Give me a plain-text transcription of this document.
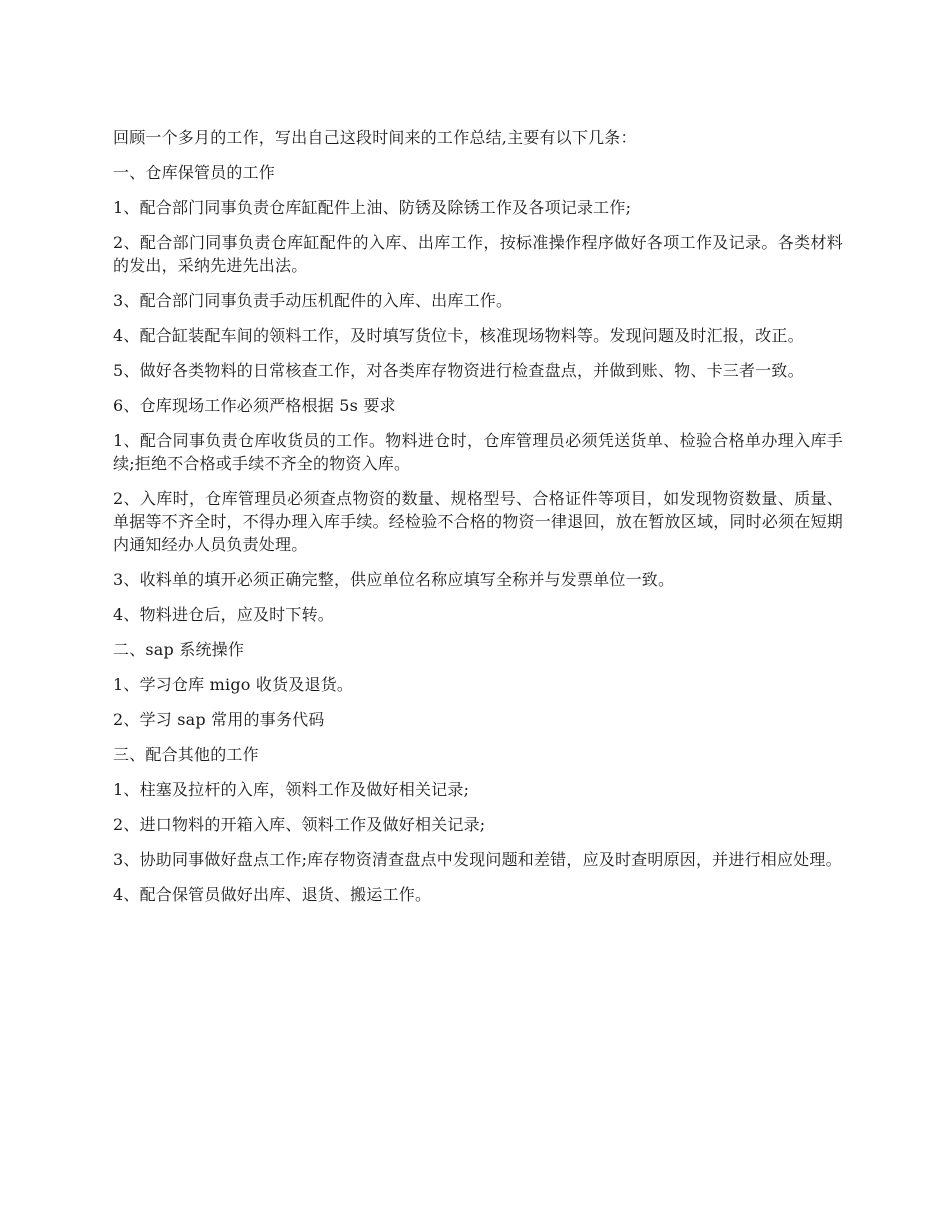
回顾一个多月的工作，写出自己这段时间来的工作总结,主要有以下几条：

一、仓库保管员的工作

1、配合部门同事负责仓库缸配件上油、防锈及除锈工作及各项记录工作;

2、配合部门同事负责仓库缸配件的入库、出库工作，按标准操作程序做好各项工作及记录。各类材料的发出，采纳先进先出法。

3、配合部门同事负责手动压机配件的入库、出库工作。

4、配合缸装配车间的领料工作，及时填写货位卡，核准现场物料等。发现问题及时汇报，改正。

5、做好各类物料的日常核查工作，对各类库存物资进行检查盘点，并做到账、物、卡三者一致。

6、仓库现场工作必须严格根据 5s 要求

1、配合同事负责仓库收货员的工作。物料进仓时，仓库管理员必须凭送货单、检验合格单办理入库手续;拒绝不合格或手续不齐全的物资入库。

2、入库时，仓库管理员必须查点物资的数量、规格型号、合格证件等项目，如发现物资数量、质量、单据等不齐全时，不得办理入库手续。经检验不合格的物资一律退回，放在暂放区域，同时必须在短期内通知经办人员负责处理。

3、收料单的填开必须正确完整，供应单位名称应填写全称并与发票单位一致。

4、物料进仓后，应及时下转。

二、sap 系统操作

1、学习仓库 migo 收货及退货。

2、学习 sap 常用的事务代码

三、配合其他的工作

1、柱塞及拉杆的入库，领料工作及做好相关记录;

2、进口物料的开箱入库、领料工作及做好相关记录;

3、协助同事做好盘点工作;库存物资清查盘点中发现问题和差错，应及时查明原因，并进行相应处理。

4、配合保管员做好出库、退货、搬运工作。
